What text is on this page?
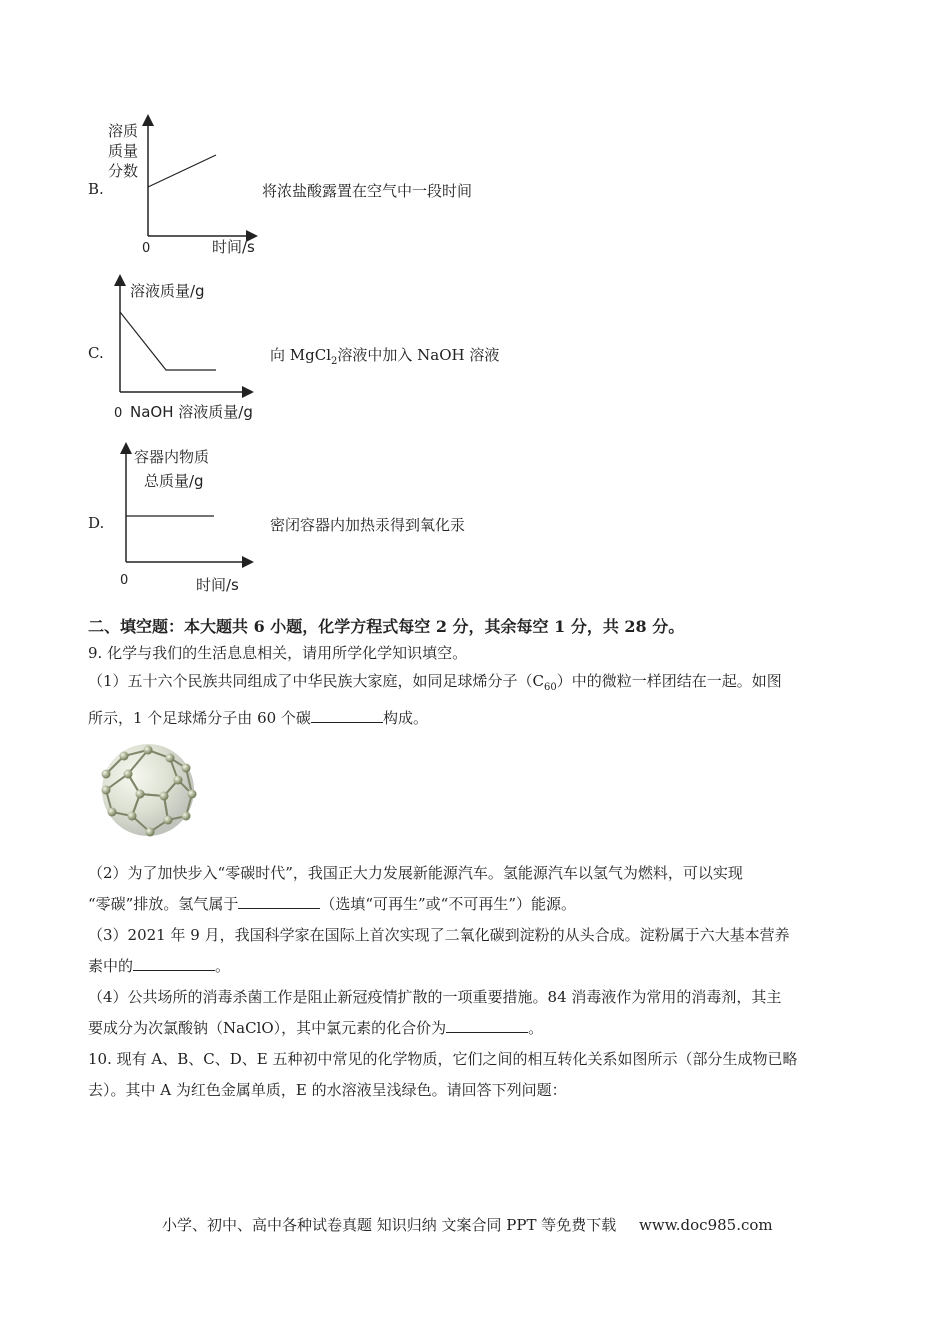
B.
溶质
质量
分数
0	时间/s
将浓盐酸露置在空气中一段时间
C.
溶液质量/g
0 NaOH 溶液质量/g
向 MgCl$_2$溶液中加入 NaOH 溶液
D.
容器内物质
总质量/g
0	时间/s
密闭容器内加热汞得到氧化汞
二、填空题：本大题共 6 小题，化学方程式每空 2 分，其余每空 1 分，共 28 分。
9. 化学与我们的生活息息相关，请用所学化学知识填空。
（1）五十六个民族共同组成了中华民族大家庭，如同足球烯分子$(C_{60})$中的微粒一样团结在一起。如图
所示，1 个足球烯分子由 60 个碳	构成。
（2）为了加快步入“零碳时代”，我国正大力发展新能源汽车。氢能源汽车以氢气为燃料，可以实现
“零碳”排放。氢气属于	（选填“可再生”或“不可再生”）能源。
（3）2021 年 9 月，我国科学家在国际上首次实现了二氧化碳到淀粉的从头合成。淀粉属于六大基本营养
素中的	。
（4）公共场所的消毒杀菌工作是阻止新冠疫情扩散的一项重要措施。84 消毒液作为常用的消毒剂，其主
要成分为次氯酸钠（NaClO），其中氯元素的化合价为	。
10. 现有 A、B、C、D、E 五种初中常见的化学物质，它们之间的相互转化关系如图所示（部分生成物已略
去）。其中 A 为红色金属单质，E 的水溶液呈浅绿色。请回答下列问题：
小学、初中、高中各种试卷真题 知识归纳 文案合同 PPT 等免费下载 www.doc985.com
